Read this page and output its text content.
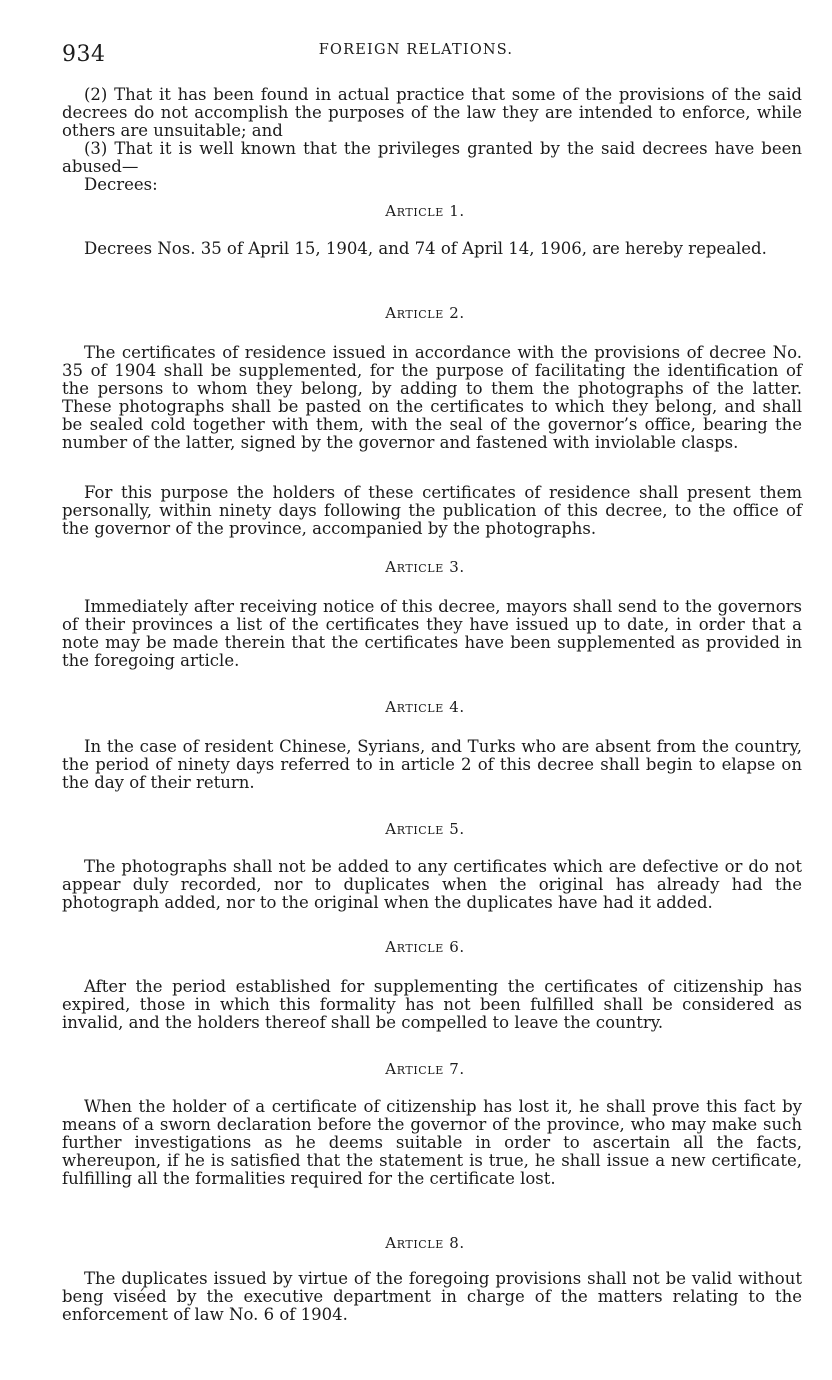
934	FOREIGN RELATIONS.

(2) That it has been found in actual practice that some of the provisions of the said decrees do not accomplish the purposes of the law they are intended to enforce, while others are unsuitable; and

(3) That it is well known that the privileges granted by the said decrees have been abused—

Decrees:

Article 1.

Decrees Nos. 35 of April 15, 1904, and 74 of April 14, 1906, are hereby repealed.

Article 2.

The certificates of residence issued in accordance with the provisions of decree No. 35 of 1904 shall be supplemented, for the purpose of facilitating the identification of the persons to whom they belong, by adding to them the photographs of the latter. These photographs shall be pasted on the certificates to which they belong, and shall be sealed cold together with them, with the seal of the governor’s office, bearing the number of the latter, signed by the governor and fastened with inviolable clasps.

For this purpose the holders of these certificates of residence shall present them personally, within ninety days following the publication of this decree, to the office of the governor of the province, accompanied by the photographs.

Article 3.

Immediately after receiving notice of this decree, mayors shall send to the governors of their provinces a list of the certificates they have issued up to date, in order that a note may be made therein that the certificates have been supplemented as provided in the foregoing article.

Article 4.

In the case of resident Chinese, Syrians, and Turks who are absent from the country, the period of ninety days referred to in article 2 of this decree shall begin to elapse on the day of their return.

Article 5.

The photographs shall not be added to any certificates which are defective or do not appear duly recorded, nor to duplicates when the original has already had the photograph added, nor to the original when the duplicates have had it added.

Article 6.

After the period established for supplementing the certificates of citizenship has expired, those in which this formality has not been fulfilled shall be considered as invalid, and the holders thereof shall be compelled to leave the country.

Article 7.

When the holder of a certificate of citizenship has lost it, he shall prove this fact by means of a sworn declaration before the governor of the province, who may make such further investigations as he deems suitable in order to ascertain all the facts, whereupon, if he is satisfied that the statement is true, he shall issue a new certificate, fulfilling all the formalities required for the certificate lost.

Article 8.

The duplicates issued by virtue of the foregoing provisions shall not be valid without beng viséed by the executive department in charge of the matters relating to the enforcement of law No. 6 of 1904.
